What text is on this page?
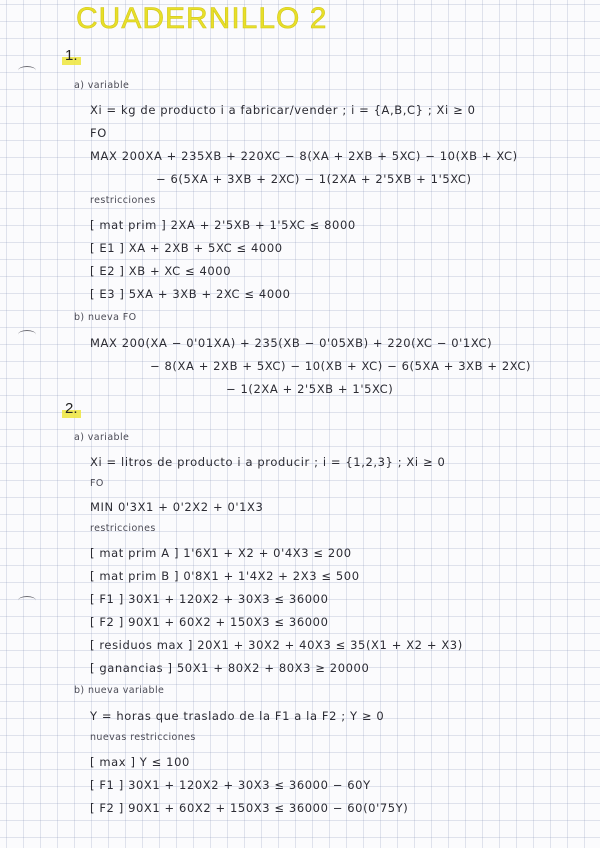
CUADERNILLO 2
1.
a) variable
Xi = kg de producto i a fabricar/vender ; i = {A,B,C} ; Xi ≥ 0
FO
MAX 200XA + 235XB + 220XC − 8(XA + 2XB + 5XC) − 10(XB + XC)
− 6(5XA + 3XB + 2XC) − 1(2XA + 2'5XB + 1'5XC)
restricciones
[ mat prim ] 2XA + 2'5XB + 1'5XC ≤ 8000
[ E1 ] XA + 2XB + 5XC ≤ 4000
[ E2 ] XB + XC ≤ 4000
[ E3 ] 5XA + 3XB + 2XC ≤ 4000
b) nueva FO
MAX 200(XA − 0'01XA) + 235(XB − 0'05XB) + 220(XC − 0'1XC)
− 8(XA + 2XB + 5XC) − 10(XB + XC) − 6(5XA + 3XB + 2XC)
− 1(2XA + 2'5XB + 1'5XC)
2.
a) variable
Xi = litros de producto i a producir ; i = {1,2,3} ; Xi ≥ 0
FO
MIN 0'3X1 + 0'2X2 + 0'1X3
restricciones
[ mat prim A ] 1'6X1 + X2 + 0'4X3 ≤ 200
[ mat prim B ] 0'8X1 + 1'4X2 + 2X3 ≤ 500
[ F1 ] 30X1 + 120X2 + 30X3 ≤ 36000
[ F2 ] 90X1 + 60X2 + 150X3 ≤ 36000
[ residuos max ] 20X1 + 30X2 + 40X3 ≤ 35(X1 + X2 + X3)
[ ganancias ] 50X1 + 80X2 + 80X3 ≥ 20000
b) nueva variable
Y = horas que traslado de la F1 a la F2 ; Y ≥ 0
nuevas restricciones
[ max ] Y ≤ 100
[ F1 ] 30X1 + 120X2 + 30X3 ≤ 36000 − 60Y
[ F2 ] 90X1 + 60X2 + 150X3 ≤ 36000 − 60(0'75Y)
